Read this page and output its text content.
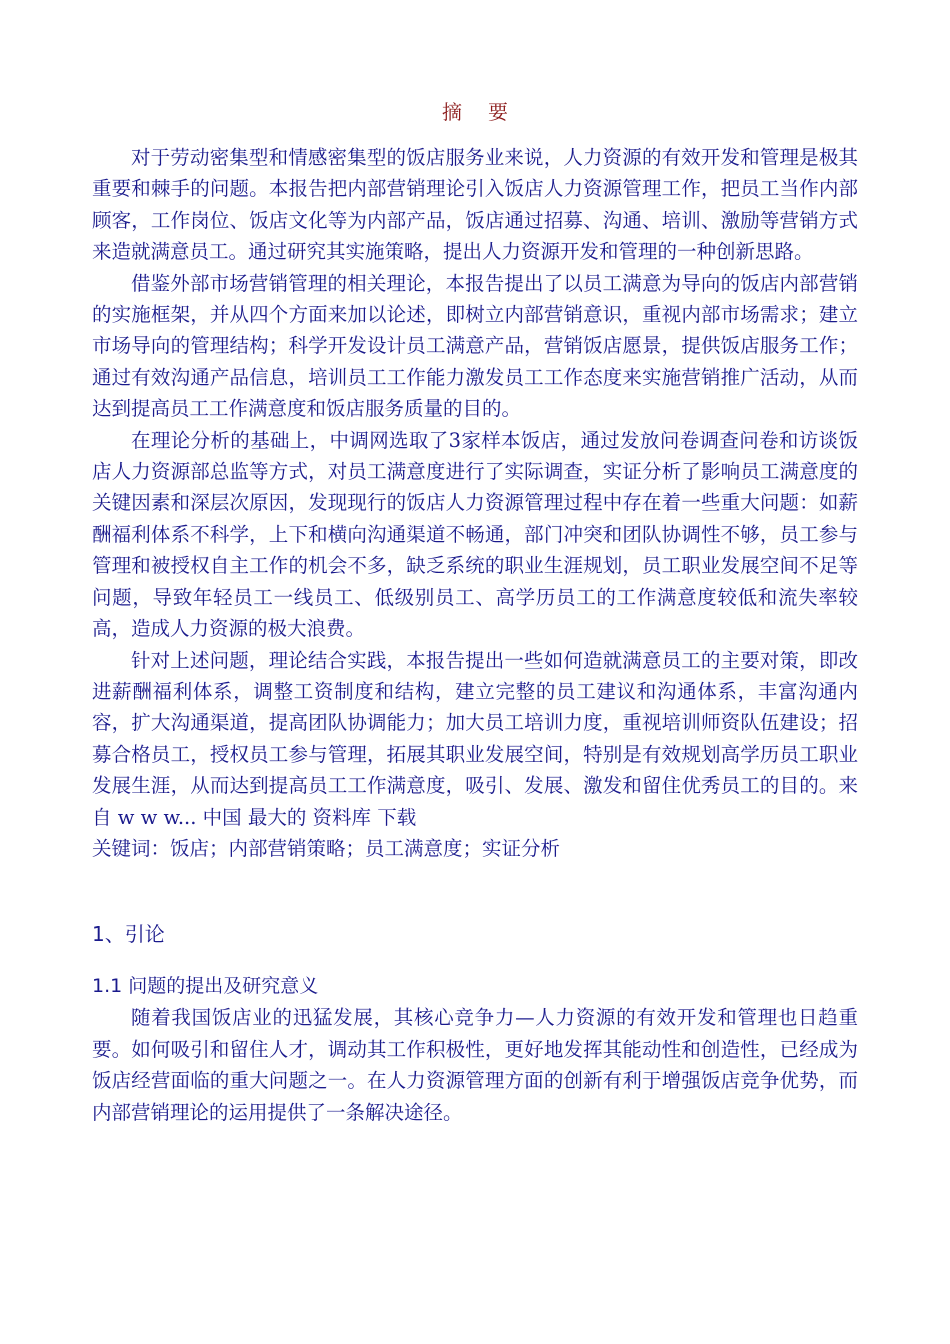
摘要

对于劳动密集型和情感密集型的饭店服务业来说，人力资源的有效开发和管理是极其重要和棘手的问题。本报告把内部营销理论引入饭店人力资源管理工作，把员工当作内部顾客，工作岗位、饭店文化等为内部产品，饭店通过招募、沟通、培训、激励等营销方式来造就满意员工。通过研究其实施策略，提出人力资源开发和管理的一种创新思路。

借鉴外部市场营销管理的相关理论，本报告提出了以员工满意为导向的饭店内部营销的实施框架，并从四个方面来加以论述，即树立内部营销意识，重视内部市场需求；建立市场导向的管理结构；科学开发设计员工满意产品，营销饭店愿景，提供饭店服务工作；通过有效沟通产品信息，培训员工工作能力激发员工工作态度来实施营销推广活动，从而达到提高员工工作满意度和饭店服务质量的目的。

在理论分析的基础上，中调网选取了3家样本饭店，通过发放问卷调查问卷和访谈饭店人力资源部总监等方式，对员工满意度进行了实际调查，实证分析了影响员工满意度的关键因素和深层次原因，发现现行的饭店人力资源管理过程中存在着一些重大问题：如薪酬福利体系不科学，上下和横向沟通渠道不畅通，部门冲突和团队协调性不够，员工参与管理和被授权自主工作的机会不多，缺乏系统的职业生涯规划，员工职业发展空间不足等问题，导致年轻员工一线员工、低级别员工、高学历员工的工作满意度较低和流失率较高，造成人力资源的极大浪费。

针对上述问题，理论结合实践，本报告提出一些如何造就满意员工的主要对策，即改进薪酬福利体系，调整工资制度和结构，建立完整的员工建议和沟通体系，丰富沟通内容，扩大沟通渠道，提高团队协调能力；加大员工培训力度，重视培训师资队伍建设；招募合格员工，授权员工参与管理，拓展其职业发展空间，特别是有效规划高学历员工职业发展生涯，从而达到提高员工工作满意度，吸引、发展、激发和留住优秀员工的目的。来 自 w w w... 中国 最大的 资料库 下载

关键词：饭店；内部营销策略；员工满意度；实证分析

1、引论
1.1 问题的提出及研究意义

随着我国饭店业的迅猛发展，其核心竞争力—人力资源的有效开发和管理也日趋重要。如何吸引和留住人才，调动其工作积极性，更好地发挥其能动性和创造性，已经成为饭店经营面临的重大问题之一。在人力资源管理方面的创新有利于增强饭店竞争优势，而内部营销理论的运用提供了一条解决途径。
